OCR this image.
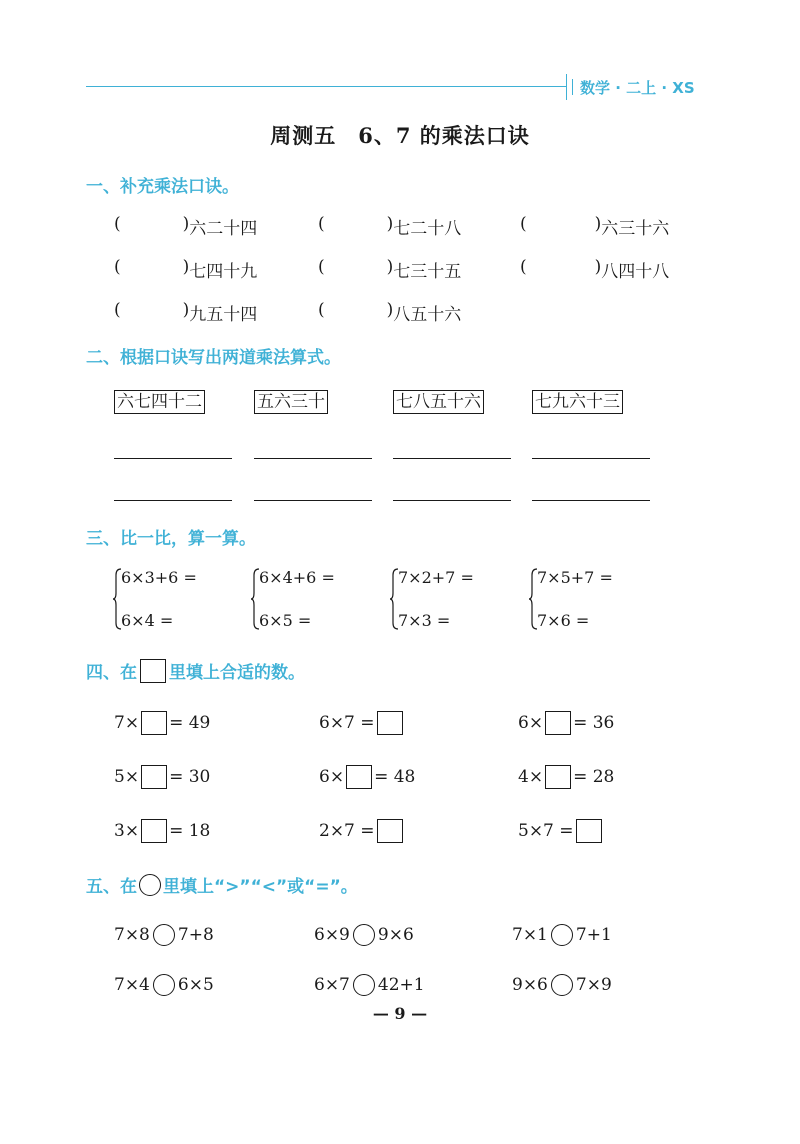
数学 · 二上 · XS
周测五　6、7 的乘法口诀
一、补充乘法口诀。
(	) 六二十四	(	) 七二十八	(	) 六三十六
(	) 七四十九	(	) 七三十五	(	) 八四十八
(	) 九五十四	(	) 八五十六
二、根据口诀写出两道乘法算式。
六七四十二	五六三十	七八五十六	七九六十三
三、比一比，算一算。
6×3+6 =
6×4 =
6×4+6 =
6×5 =
7×2+7 =
7×3 =
7×5+7 =
7×6 =
四、在 里填上合适的数。
7× = 49	6×7 =	6× = 36
5× = 30	6× = 48	4× = 28
3× = 18	2×7 =	5×7 =
五、在 里填上“>”“<”或“=”。
7×8 7+8	6×9 9×6	7×1 7+1
7×4 6×5	6×7 42+1	9×6 7×9
— 9 —
